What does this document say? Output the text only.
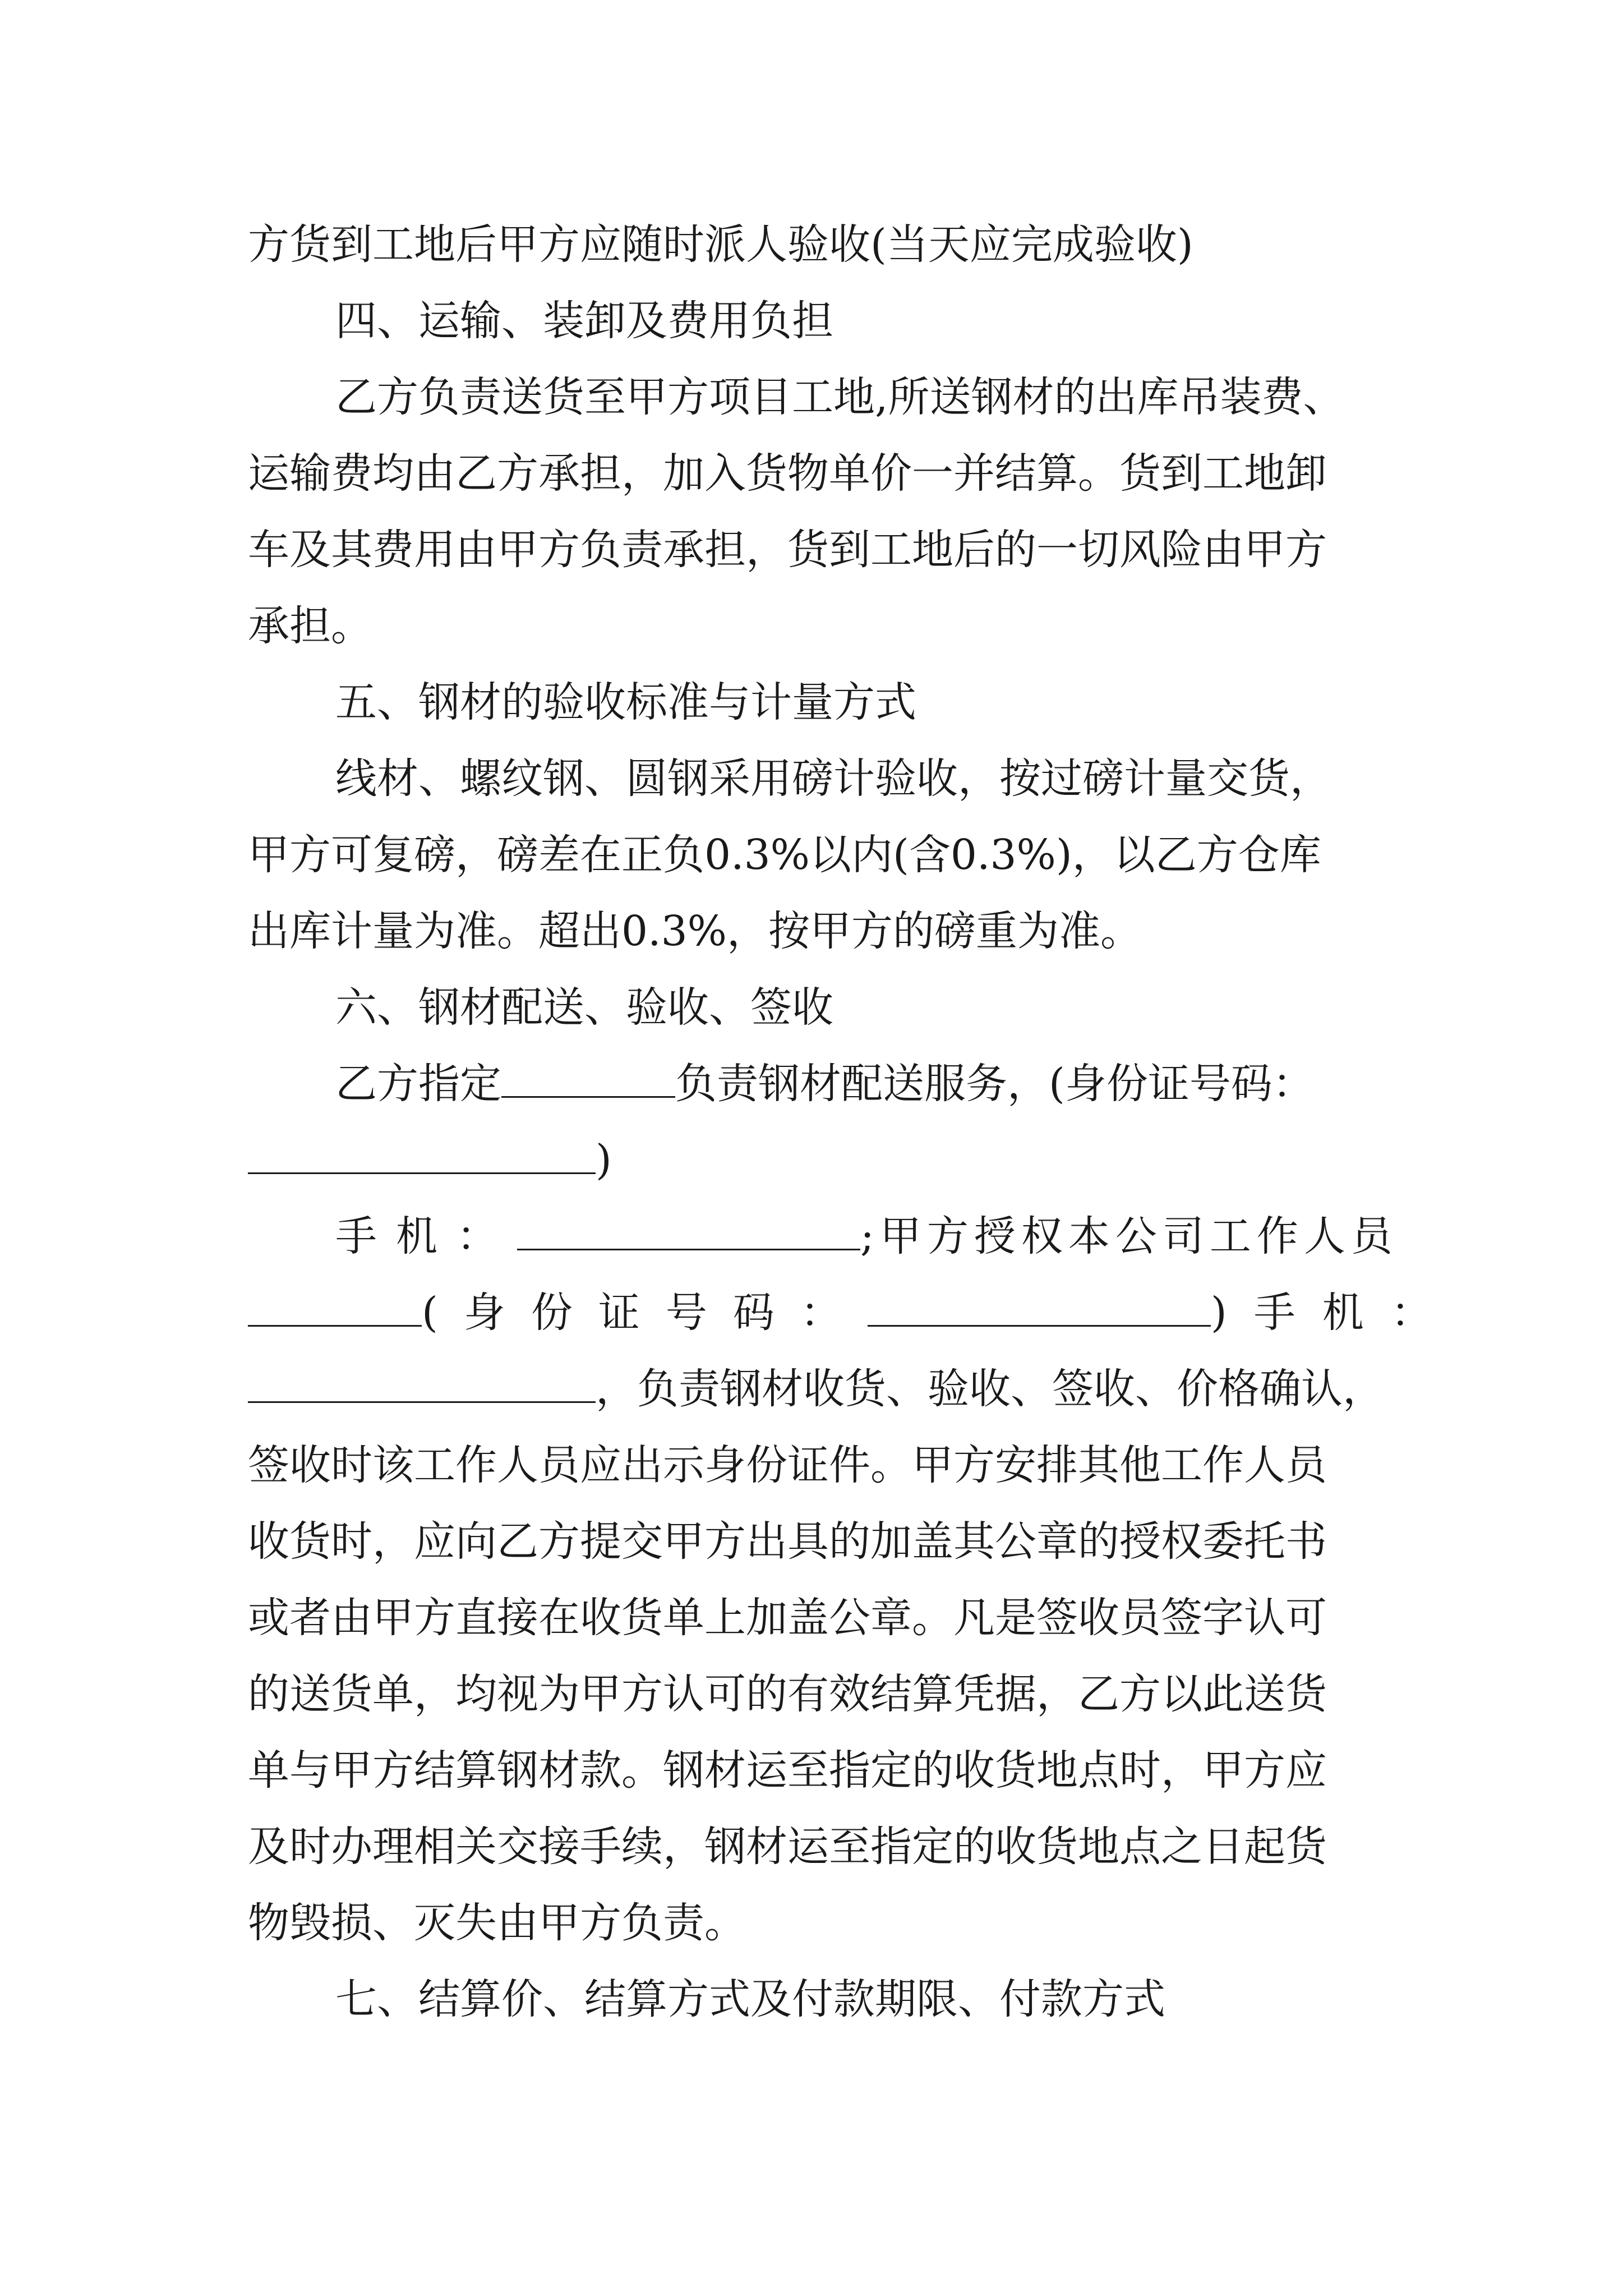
方货到工地后甲方应随时派人验收(当天应完成验收)
四、运输、装卸及费用负担
乙方负责送货至甲方项目工地,所送钢材的出库吊装费、
运输费均由乙方承担，加入货物单价一并结算。货到工地卸
车及其费用由甲方负责承担，货到工地后的一切风险由甲方
承担。
五、钢材的验收标准与计量方式
线材、螺纹钢、圆钢采用磅计验收，按过磅计量交货，
甲方可复磅，磅差在正负0.3%以内(含0.3%)，以乙方仓库
出库计量为准。超出0.3%，按甲方的磅重为准。
六、钢材配送、验收、签收
乙方指定	负责钢材配送服务，(身份证号码：
)
手机：	;甲方授权本公司工作人员
(身份证号码：	)手机：
，负责钢材收货、验收、签收、价格确认，
签收时该工作人员应出示身份证件。甲方安排其他工作人员
收货时，应向乙方提交甲方出具的加盖其公章的授权委托书
或者由甲方直接在收货单上加盖公章。凡是签收员签字认可
的送货单，均视为甲方认可的有效结算凭据，乙方以此送货
单与甲方结算钢材款。钢材运至指定的收货地点时，甲方应
及时办理相关交接手续，钢材运至指定的收货地点之日起货
物毁损、灭失由甲方负责。
七、结算价、结算方式及付款期限、付款方式
